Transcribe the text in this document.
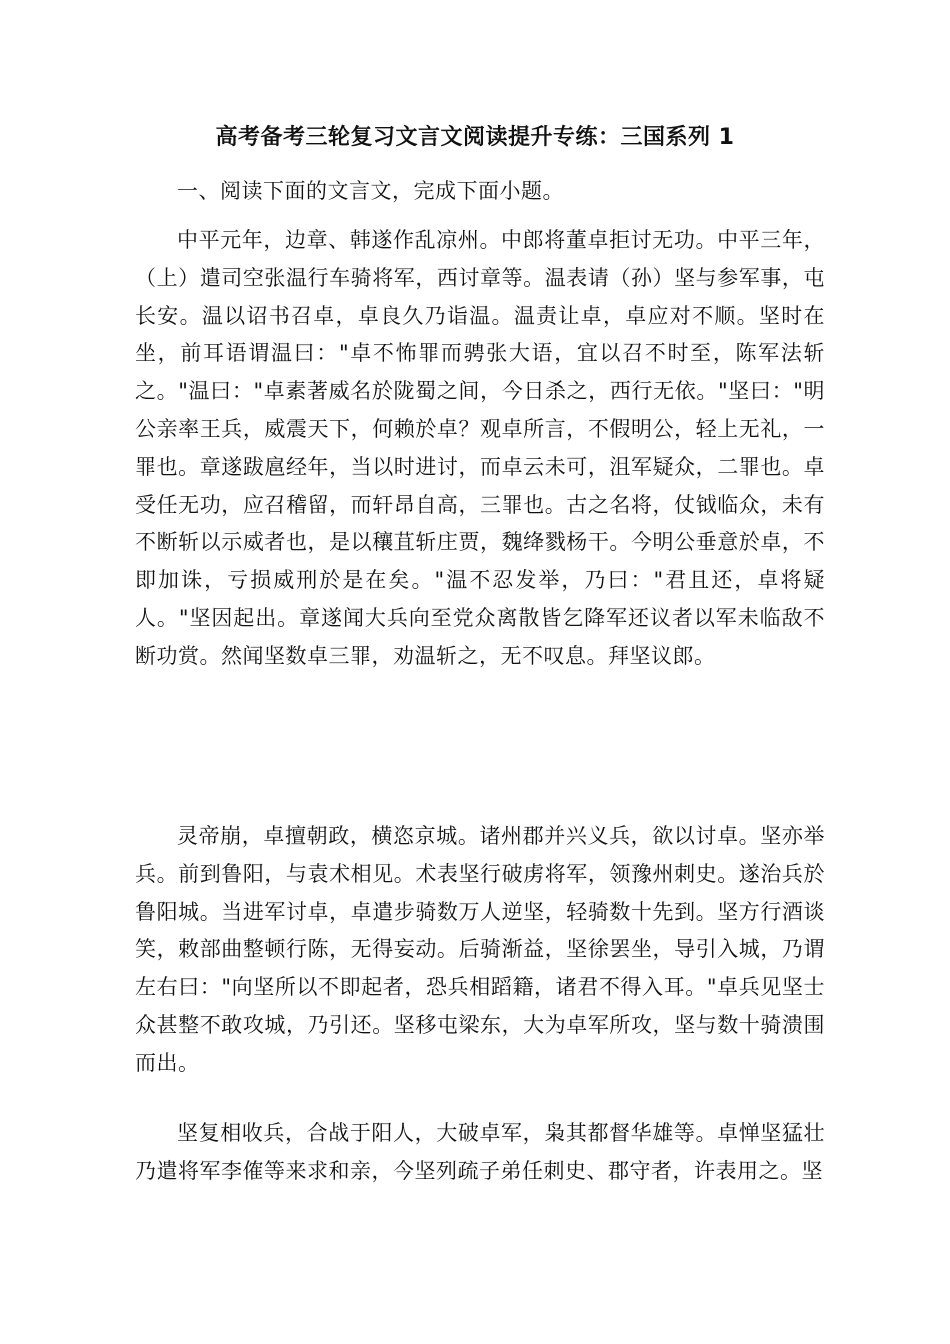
高考备考三轮复习文言文阅读提升专练：三国系列 1
一、阅读下面的文言文，完成下面小题。

中平元年，边章、韩遂作乱凉州。中郎将董卓拒讨无功。中平三年，（上）遣司空张温行车骑将军，西讨章等。温表请（孙）坚与参军事，屯长安。温以诏书召卓，卓良久乃诣温。温责让卓，卓应对不顺。坚时在坐，前耳语谓温曰："卓不怖罪而骋张大语，宜以召不时至，陈军法斩之。"温曰："卓素著威名於陇蜀之间，今日杀之，西行无依。"坚曰："明公亲率王兵，威震天下，何赖於卓？观卓所言，不假明公，轻上无礼，一罪也。章遂跋扈经年，当以时进讨，而卓云未可，沮军疑众，二罪也。卓受任无功，应召稽留，而轩昂自高，三罪也。古之名将，仗钺临众，未有不断斩以示威者也，是以穰苴斩庄贾，魏绛戮杨干。今明公垂意於卓，不即加诛，亏损威刑於是在矣。"温不忍发举，乃曰："君且还，卓将疑人。"坚因起出。章遂闻大兵向至党众离散皆乞降军还议者以军未临敌不断功赏。然闻坚数卓三罪，劝温斩之，无不叹息。拜坚议郎。

灵帝崩，卓擅朝政，横恣京城。诸州郡并兴义兵，欲以讨卓。坚亦举兵。前到鲁阳，与袁术相见。术表坚行破虏将军，领豫州刺史。遂治兵於鲁阳城。当进军讨卓，卓遣步骑数万人逆坚，轻骑数十先到。坚方行酒谈笑，敕部曲整顿行陈，无得妄动。后骑渐益，坚徐罢坐，导引入城，乃谓左右曰："向坚所以不即起者，恐兵相蹈籍，诸君不得入耳。"卓兵见坚士众甚整不敢攻城，乃引还。坚移屯梁东，大为卓军所攻，坚与数十骑溃围而出。

坚复相收兵，合战于阳人，大破卓军，枭其都督华雄等。卓惮坚猛壮乃遣将军李傕等来求和亲，今坚列疏子弟任刺史、郡守者，许表用之。坚
